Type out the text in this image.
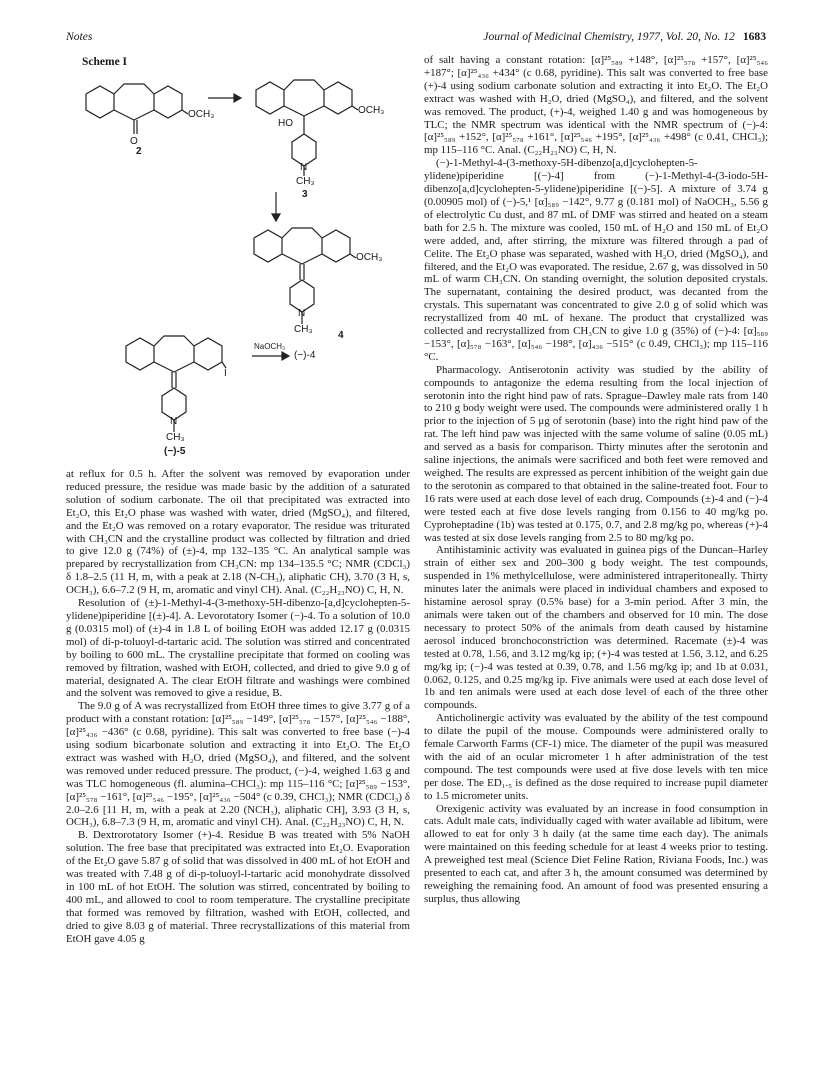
Notes	Journal of Medicinal Chemistry, 1977, Vol. 20, No. 12 1683
Scheme I
O
OCH₃
2
HO
OCH₃
N
CH₃
3
OCH₃
N
CH₃
4
I
NaOCH₃
(−)-4
N
CH₃
(−)-5

at reflux for 0.5 h. After the solvent was removed by evaporation under reduced pressure, the residue was made basic by the addition of a saturated solution of sodium carbonate. The oil that precipitated was extracted into Et₂O, this Et₂O phase was washed with water, dried (MgSO₄), and filtered, and the Et₂O was removed on a rotary evaporator. The residue was triturated with CH₃CN and the crystalline product was collected by filtration and dried to give 12.0 g (74%) of (±)-4, mp 132–135 °C. An analytical sample was prepared by recrystallization from CH₃CN: mp 134–135.5 °C; NMR (CDCl₃) δ 1.8–2.5 (11 H, m, with a peak at 2.18 (N-CH₃), aliphatic CH), 3.70 (3 H, s, OCH₃), 6.6–7.2 (9 H, m, aromatic and vinyl CH). Anal. (C₂₂H₂₃NO) C, H, N.

Resolution of (±)-1-Methyl-4-(3-methoxy-5H-dibenzo-[a,d]cyclohepten-5-ylidene)piperidine [(±)-4]. A. Levorotatory Isomer (−)-4. To a solution of 10.0 g (0.0315 mol) of (±)-4 in 1.8 L of boiling EtOH was added 12.17 g (0.0315 mol) of di-p-toluoyl-d-tartaric acid. The solution was stirred and concentrated by boiling to 600 mL. The crystalline precipitate that formed on cooling was removed by filtration, washed with EtOH, collected, and dried to give 9.0 g of material, designated A. The clear EtOH filtrate and washings were combined and the solvent was removed to give a residue, B.

The 9.0 g of A was recrystallized from EtOH three times to give 3.77 g of a product with a constant rotation: [α]²⁵₅₈₉ −149°, [α]²⁵₅₇₈ −157°, [α]²⁵₅₄₆ −188°, [α]²⁵₄₃₆ −436° (c 0.68, pyridine). This salt was converted to free base (−)-4 using sodium bicarbonate solution and extracting it into Et₂O. The Et₂O extract was washed with H₂O, dried (MgSO₄), and filtered, and the solvent was removed under reduced pressure. The product, (−)-4, weighed 1.63 g and was TLC homogeneous (fl. alumina–CHCl₃): mp 115–116 °C; [α]²⁵₅₈₉ −153°, [α]²⁵₅₇₈ −161°, [α]²⁵₅₄₆ −195°, [α]²⁵₄₃₆ −504° (c 0.39, CHCl₃); NMR (CDCl₃) δ 2.0–2.6 [11 H, m, with a peak at 2.20 (NCH₃), aliphatic CH], 3.93 (3 H, s, OCH₃), 6.8–7.3 (9 H, m, aromatic and vinyl CH). Anal. (C₂₂H₂₃NO) C, H, N.

B. Dextrorotatory Isomer (+)-4. Residue B was treated with 5% NaOH solution. The free base that precipitated was extracted into Et₂O. Evaporation of the Et₂O gave 5.87 g of solid that was dissolved in 400 mL of hot EtOH and was treated with 7.48 g of di-p-toluoyl-l-tartaric acid monohydrate dissolved in 100 mL of hot EtOH. The solution was stirred, concentrated by boiling to 400 mL, and allowed to cool to room temperature. The crystalline precipitate that formed was removed by filtration, washed with EtOH, collected, and dried to give 8.03 g of material. Three recrystallizations of this material from EtOH gave 4.05 g

of salt having a constant rotation: [α]²⁵₅₈₉ +148°, [α]²⁵₅₇₈ +157°, [α]²⁵₅₄₆ +187°; [α]²⁵₄₃₆ +434° (c 0.68, pyridine). This salt was converted to free base (+)-4 using sodium carbonate solution and extracting it into Et₂O. The Et₂O extract was washed with H₂O, dried (MgSO₄), and filtered, and the solvent was removed. The product, (+)-4, weighed 1.40 g and was homogeneous by TLC; the NMR spectrum was identical with the NMR spectrum of (−)-4: [α]²⁵₅₈₉ +152°, [α]²⁵₅₇₈ +161°, [α]²⁵₅₄₆ +195°, [α]²⁵₄₃₆ +498° (c 0.41, CHCl₃); mp 115–116 °C. Anal. (C₂₂H₂₃NO) C, H, N.

(−)-1-Methyl-4-(3-methoxy-5H-dibenzo[a,d]cyclohepten-5-ylidene)piperidine [(−)-4] from (−)-1-Methyl-4-(3-iodo-5H-dibenzo[a,d]cyclohepten-5-ylidene)piperidine [(−)-5]. A mixture of 3.74 g (0.00905 mol) of (−)-5,¹ [α]₅₈₉ −142°, 9.77 g (0.181 mol) of NaOCH₃, 5.56 g of electrolytic Cu dust, and 87 mL of DMF was stirred and heated on a steam bath for 2.5 h. The mixture was cooled, 150 mL of H₂O and 150 mL of Et₂O were added, and, after stirring, the mixture was filtered through a pad of Celite. The Et₂O phase was separated, washed with H₂O, dried (MgSO₄), and filtered, and the Et₂O was evaporated. The residue, 2.67 g, was dissolved in 50 mL of warm CH₃CN. On standing overnight, the solution deposited crystals. The supernatant, containing the desired product, was decanted from the crystals. This supernatant was concentrated to give 2.0 g of solid which was recrystallized from 40 mL of hexane. The product that crystallized was collected and recrystallized from CH₃CN to give 1.0 g (35%) of (−)-4: [α]₅₈₉ −153°, [α]₅₇₈ −163°, [α]₅₄₆ −198°, [α]₄₃₆ −515° (c 0.49, CHCl₃); mp 115–116 °C.

Pharmacology. Antiserotonin activity was studied by the ability of compounds to antagonize the edema resulting from the local injection of serotonin into the right hind paw of rats. Sprague–Dawley male rats from 140 to 210 g body weight were used. The compounds were administered orally 1 h prior to the injection of 5 μg of serotonin (base) into the right hind paw of the rat. The left hind paw was injected with the same volume of saline (0.05 mL) and served as a basis for comparison. Thirty minutes after the serotonin and saline injections, the animals were sacrificed and both feet were removed and weighed. The results are expressed as percent inhibition of the weight gain due to the serotonin as compared to that obtained in the saline-treated foot. Four to 16 rats were used at each dose level of each drug. Compounds (±)-4 and (−)-4 were tested each at five dose levels ranging from 0.156 to 40 mg/kg po. Cyproheptadine (1b) was tested at 0.175, 0.7, and 2.8 mg/kg po, whereas (+)-4 was tested at six dose levels ranging from 2.5 to 80 mg/kg po.

Antihistaminic activity was evaluated in guinea pigs of the Duncan–Harley strain of either sex and 200–300 g body weight. The test compounds, suspended in 1% methylcellulose, were administered intraperitoneally. Thirty minutes later the animals were placed in individual chambers and exposed to histamine aerosol spray (0.5% base) for a 3-min period. After 3 min, the animals were taken out of the chambers and observed for 10 min. The dose necessary to protect 50% of the animals from death caused by histamine aerosol induced bronchoconstriction was determined. Racemate (±)-4 was tested at 0.78, 1.56, and 3.12 mg/kg ip; (+)-4 was tested at 1.56, 3.12, and 6.25 mg/kg ip; (−)-4 was tested at 0.39, 0.78, and 1.56 mg/kg ip; and 1b at 0.031, 0.062, 0.125, and 0.25 mg/kg ip. Five animals were used at each dose level of 1b and ten animals were used at each dose level of each of the three other compounds.

Anticholinergic activity was evaluated by the ability of the test compound to dilate the pupil of the mouse. Compounds were administered orally to female Carworth Farms (CF-1) mice. The diameter of the pupil was measured with the aid of an ocular micrometer 1 h after administration of the test compound. The test compounds were used at five dose levels with ten mice per dose. The ED₁.₅ is defined as the dose required to increase pupil diameter to 1.5 micrometer units.

Orexigenic activity was evaluated by an increase in food consumption in cats. Adult male cats, individually caged with water available ad libitum, were allowed to eat for only 3 h daily (at the same time each day). The animals were maintained on this feeding schedule for at least 4 weeks prior to testing. A preweighed test meal (Science Diet Feline Ration, Riviana Foods, Inc.) was presented to each cat, and after 3 h, the amount consumed was determined by reweighing the remaining food. An amount of food was presented ensuring a surplus, thus allowing
